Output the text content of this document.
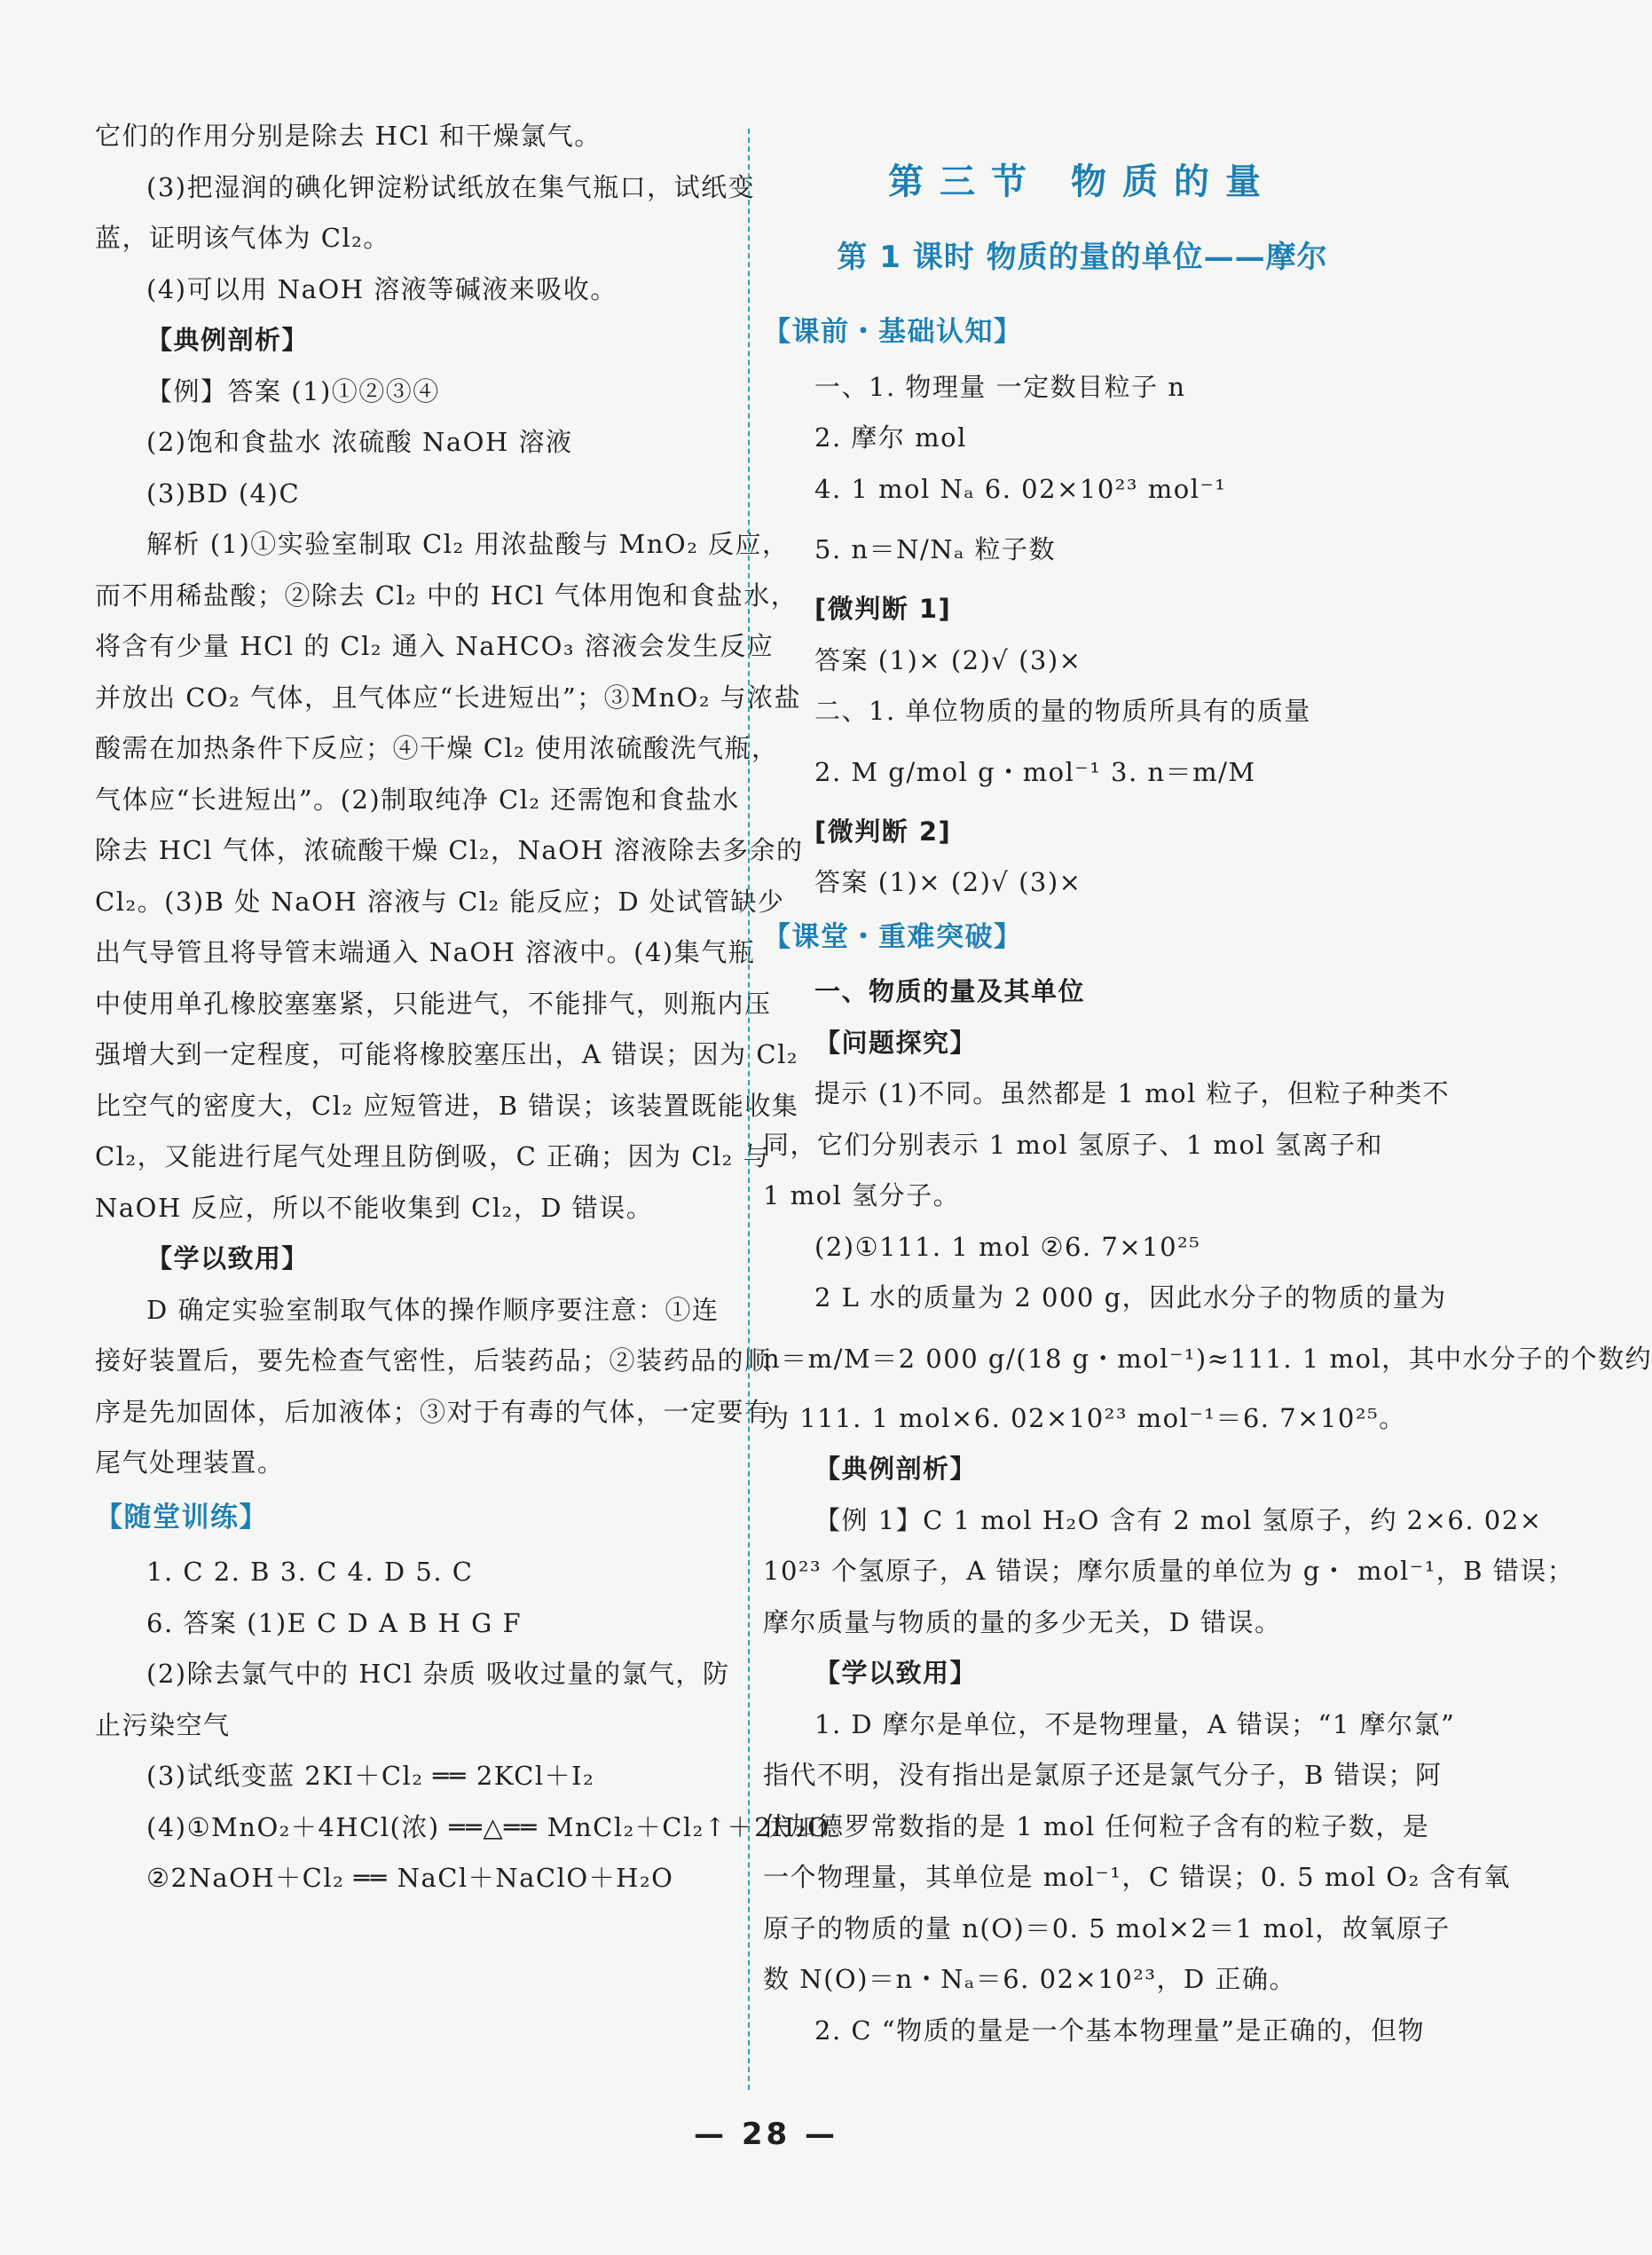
它们的作用分别是除去 HCl 和干燥氯气。
(3)把湿润的碘化钾淀粉试纸放在集气瓶口，试纸变
蓝，证明该气体为 Cl₂。
(4)可以用 NaOH 溶液等碱液来吸收。
【典例剖析】
【例】答案 (1)①②③④
(2)饱和食盐水 浓硫酸 NaOH 溶液
(3)BD (4)C
解析 (1)①实验室制取 Cl₂ 用浓盐酸与 MnO₂ 反应，
而不用稀盐酸；②除去 Cl₂ 中的 HCl 气体用饱和食盐水，
将含有少量 HCl 的 Cl₂ 通入 NaHCO₃ 溶液会发生反应
并放出 CO₂ 气体，且气体应“长进短出”；③MnO₂ 与浓盐
酸需在加热条件下反应；④干燥 Cl₂ 使用浓硫酸洗气瓶，
气体应“长进短出”。(2)制取纯净 Cl₂ 还需饱和食盐水
除去 HCl 气体，浓硫酸干燥 Cl₂，NaOH 溶液除去多余的
Cl₂。(3)B 处 NaOH 溶液与 Cl₂ 能反应；D 处试管缺少
出气导管且将导管末端通入 NaOH 溶液中。(4)集气瓶
中使用单孔橡胶塞塞紧，只能进气，不能排气，则瓶内压
强增大到一定程度，可能将橡胶塞压出，A 错误；因为 Cl₂
比空气的密度大，Cl₂ 应短管进，B 错误；该装置既能收集
Cl₂，又能进行尾气处理且防倒吸，C 正确；因为 Cl₂ 与
NaOH 反应，所以不能收集到 Cl₂，D 错误。
【学以致用】
D 确定实验室制取气体的操作顺序要注意：①连
接好装置后，要先检查气密性，后装药品；②装药品的顺
序是先加固体，后加液体；③对于有毒的气体，一定要有
尾气处理装置。
【随堂训练】
1. C 2. B 3. C 4. D 5. C
6. 答案 (1)E C D A B H G F
(2)除去氯气中的 HCl 杂质 吸收过量的氯气，防
止污染空气
(3)试纸变蓝 2KI＋Cl₂ ══ 2KCl＋I₂
(4)①MnO₂＋4HCl(浓) ══△══ MnCl₂＋Cl₂↑＋2H₂O
②2NaOH＋Cl₂ ══ NaCl＋NaClO＋H₂O
第三节 物质的量
第 1 课时 物质的量的单位——摩尔
【课前・基础认知】
一、1. 物理量 一定数目粒子 n
2. 摩尔 mol
4. 1 mol Nₐ 6. 02×10²³ mol⁻¹
5. n＝N/Nₐ 粒子数
[微判断 1]
答案 (1)× (2)√ (3)×
二、1. 单位物质的量的物质所具有的质量
2. M g/mol g・mol⁻¹ 3. n＝m/M
[微判断 2]
答案 (1)× (2)√ (3)×
【课堂・重难突破】
一、物质的量及其单位
【问题探究】
提示 (1)不同。虽然都是 1 mol 粒子，但粒子种类不
同，它们分别表示 1 mol 氢原子、1 mol 氢离子和
1 mol 氢分子。
(2)①111. 1 mol ②6. 7×10²⁵
2 L 水的质量为 2 000 g，因此水分子的物质的量为
n＝m/M＝2 000 g/(18 g・mol⁻¹)≈111. 1 mol，其中水分子的个数约
为 111. 1 mol×6. 02×10²³ mol⁻¹＝6. 7×10²⁵。
【典例剖析】
【例 1】C 1 mol H₂O 含有 2 mol 氢原子，约 2×6. 02×
10²³ 个氢原子，A 错误；摩尔质量的单位为 g・ mol⁻¹，B 错误；
摩尔质量与物质的量的多少无关，D 错误。
【学以致用】
1. D 摩尔是单位，不是物理量，A 错误；“1 摩尔氯”
指代不明，没有指出是氯原子还是氯气分子，B 错误；阿
伏加德罗常数指的是 1 mol 任何粒子含有的粒子数，是
一个物理量，其单位是 mol⁻¹，C 错误；0. 5 mol O₂ 含有氧
原子的物质的量 n(O)＝0. 5 mol×2＝1 mol，故氧原子
数 N(O)＝n・Nₐ＝6. 02×10²³，D 正确。
2. C “物质的量是一个基本物理量”是正确的，但物
— 28 —
